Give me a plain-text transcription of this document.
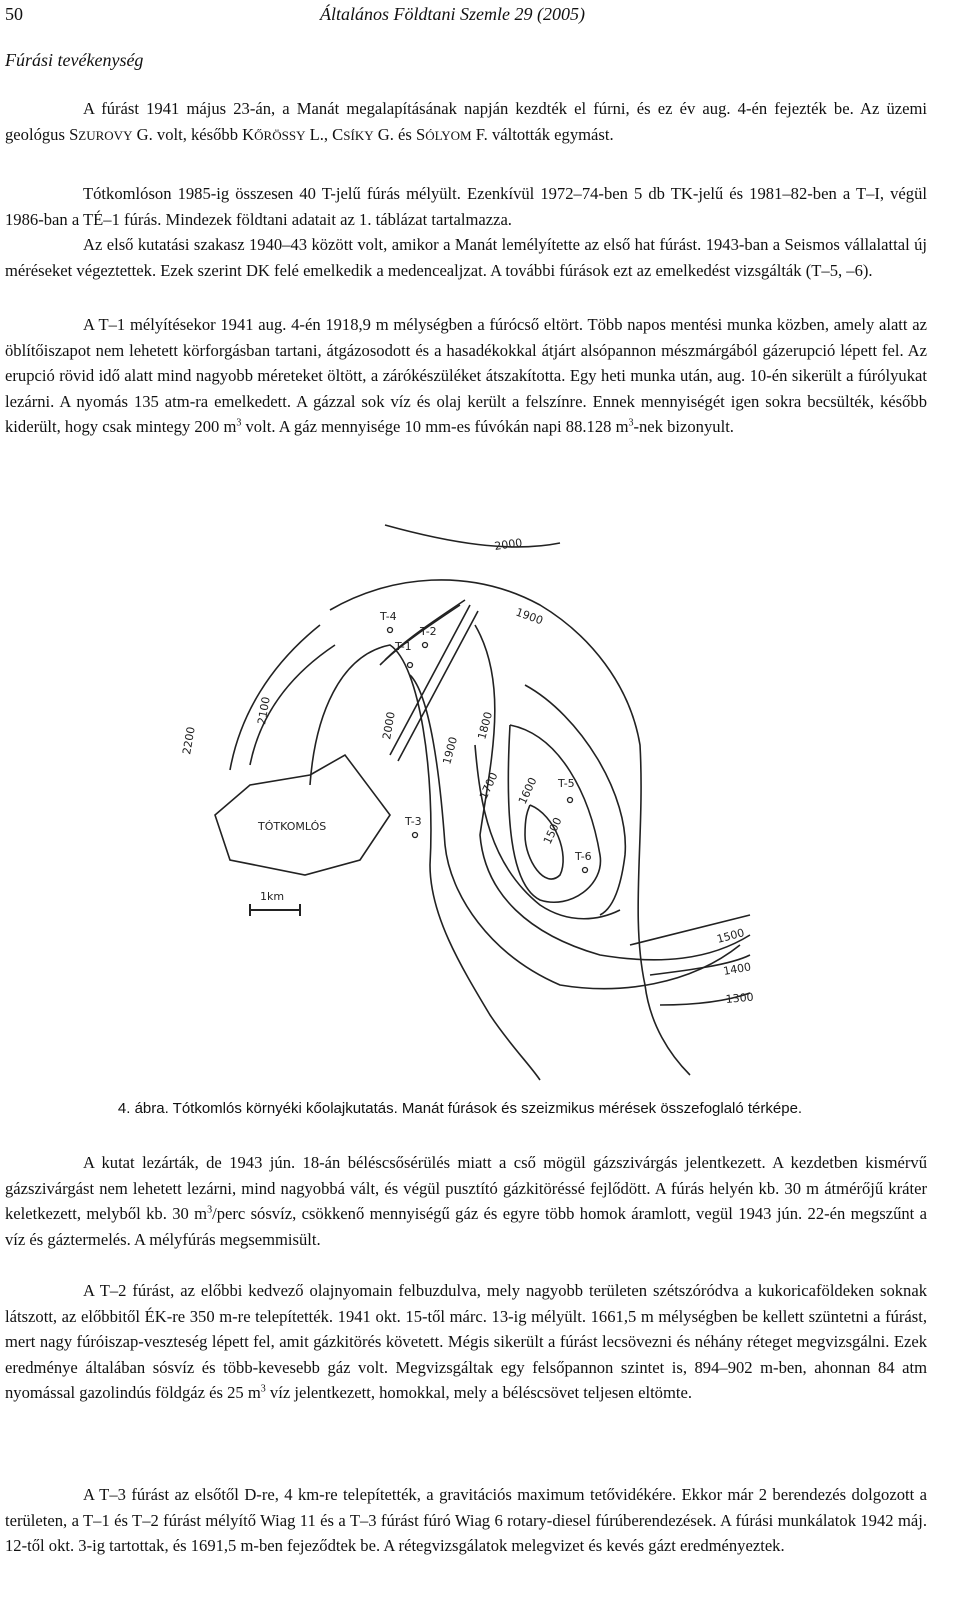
50	Általános Földtani Szemle 29 (2005)
Fúrási tevékenység

A fúrást 1941 május 23-án, a Manát megalapításának napján kezdték el fúrni, és ez év aug. 4-én fejezték be. Az üzemi geológus SZUROVY G. volt, később KŐRÖSSY L., CSÍKY G. és SÓLYOM F. váltották egymást.

Tótkomlóson 1985-ig összesen 40 T-jelű fúrás mélyült. Ezenkívül 1972–74-ben 5 db TK-jelű és 1981–82-ben a T–I, végül 1986-ban a TÉ–1 fúrás. Mindezek földtani adatait az 1. táblázat tartalmazza.

Az első kutatási szakasz 1940–43 között volt, amikor a Manát lemélyítette az első hat fúrást. 1943-ban a Seismos vállalattal új méréseket végeztettek. Ezek szerint DK felé emelkedik a medencealjzat. A további fúrások ezt az emelkedést vizsgálták (T–5, –6).

A T–1 mélyítésekor 1941 aug. 4-én 1918,9 m mélységben a fúrócső eltört. Több napos mentési munka közben, amely alatt az öblítőiszapot nem lehetett körforgásban tartani, átgázosodott és a hasadékokkal átjárt alsópannon mészmárgából gázerupció lépett fel. Az erupció rövid idő alatt mind nagyobb méreteket öltött, a zárókészüléket átszakította. Egy heti munka után, aug. 10-én sikerült a fúrólyukat lezárni. A nyomás 135 atm-ra emelkedett. A gázzal sok víz és olaj került a felszínre. Ennek mennyiségét igen sokra becsülték, később kiderült, hogy csak mintegy 200 $m^3$ volt. A gáz mennyisége 10 mm-es fúvókán napi 88.128 $m^3$-nek bizonyult.

TÓTKOMLÓS
1km
T-4
T-2
T-1
T-5
T-3
T-6
2000
1900
2200
2100
2000
1900
1800
1700 1600
1500
1500
1400
1300
4. ábra. Tótkomlós környéki kőolajkutatás. Manát fúrások és szeizmikus mérések összefoglaló térképe.

A kutat lezárták, de 1943 jún. 18-án béléscsősérülés miatt a cső mögül gázszivárgás jelentkezett. A kezdetben kismérvű gázszivárgást nem lehetett lezárni, mind nagyobbá vált, és végül pusztító gázkitöréssé fejlődött. A fúrás helyén kb. 30 m átmérőjű kráter keletkezett, melyből kb. 30 $m^3$/perc sósvíz, csökkenő mennyiségű gáz és egyre több homok áramlott, vegül 1943 jún. 22-én megszűnt a víz és gáztermelés. A mélyfúrás megsemmisült.

A T–2 fúrást, az előbbi kedvező olajnyomain felbuzdulva, mely nagyobb területen szétszóródva a kukoricaföldeken soknak látszott, az előbbitől ÉK-re 350 m-re telepítették. 1941 okt. 15-től márc. 13-ig mélyült. 1661,5 m mélységben be kellett szüntetni a fúrást, mert nagy fúróiszap-veszteség lépett fel, amit gázkitörés követett. Mégis sikerült a fúrást lecsövezni és néhány réteget megvizsgálni. Ezek eredménye általában sósvíz és több-kevesebb gáz volt. Megvizsgáltak egy felsőpannon szintet is, 894–902 m-ben, ahonnan 84 atm nyomással gazolindús földgáz és 25 $m^3$ víz jelentkezett, homokkal, mely a béléscsövet teljesen eltömte.

A T–3 fúrást az elsőtől D-re, 4 km-re telepítették, a gravitációs maximum tetővidékére. Ekkor már 2 berendezés dolgozott a területen, a T–1 és T–2 fúrást mélyítő Wiag 11 és a T–3 fúrást fúró Wiag 6 rotary-diesel fúrúberendezések. A fúrási munkálatok 1942 máj. 12-től okt. 3-ig tartottak, és 1691,5 m-ben fejeződtek be. A rétegvizsgálatok melegvizet és kevés gázt eredményeztek.
